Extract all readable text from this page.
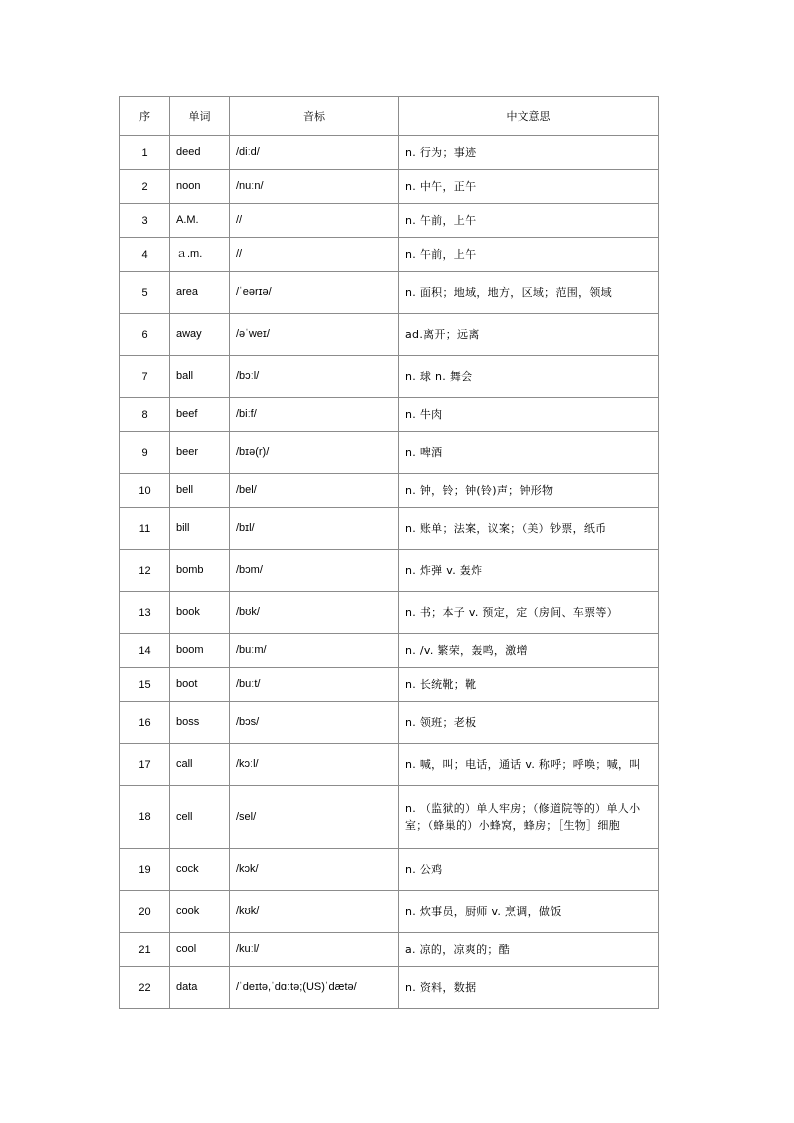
序	单词	音标	中文意思
1	deed	/diːd/	n. 行为；事迹
2	noon	/nuːn/	n. 中午，正午
3	A.M.	//	n. 午前，上午
4	ａ.m.	//	n. 午前，上午
5	area	/ˈeərɪə/	n. 面积；地域，地方，区域；范围，领域
6	away	/əˈweɪ/	ad.离开；远离
7	ball	/bɔːl/	n. 球 n. 舞会
8	beef	/biːf/	n. 牛肉
9	beer	/bɪə(r)/	n. 啤酒
10	bell	/bel/	n. 钟，铃；钟(铃)声；钟形物
11	bill	/bɪl/	n. 账单；法案，议案；（美）钞票，纸币
12	bomb	/bɔm/	n. 炸弹 v. 轰炸
13	book	/bʊk/	n. 书；本子 v. 预定，定（房间、车票等）
14	boom	/buːm/	n. /v. 繁荣，轰鸣，激增
15	boot	/buːt/	n. 长统靴；靴
16	boss	/bɔs/	n. 领班；老板
17	call	/kɔːl/	n. 喊，叫；电话，通话 v. 称呼；呼唤；喊，叫
18	cell	/sel/	n. （监狱的）单人牢房；（修道院等的）单人小室；（蜂巢的）小蜂窝，蜂房；［生物］细胞
19	cock	/kɔk/	n. 公鸡
20	cook	/kʊk/	n. 炊事员，厨师 v. 烹调，做饭
21	cool	/kuːl/	a. 凉的，凉爽的；酷
22	data	/ˈdeɪtə,ˈdɑːtə;(US)ˈdætə/	n. 资料，数据
